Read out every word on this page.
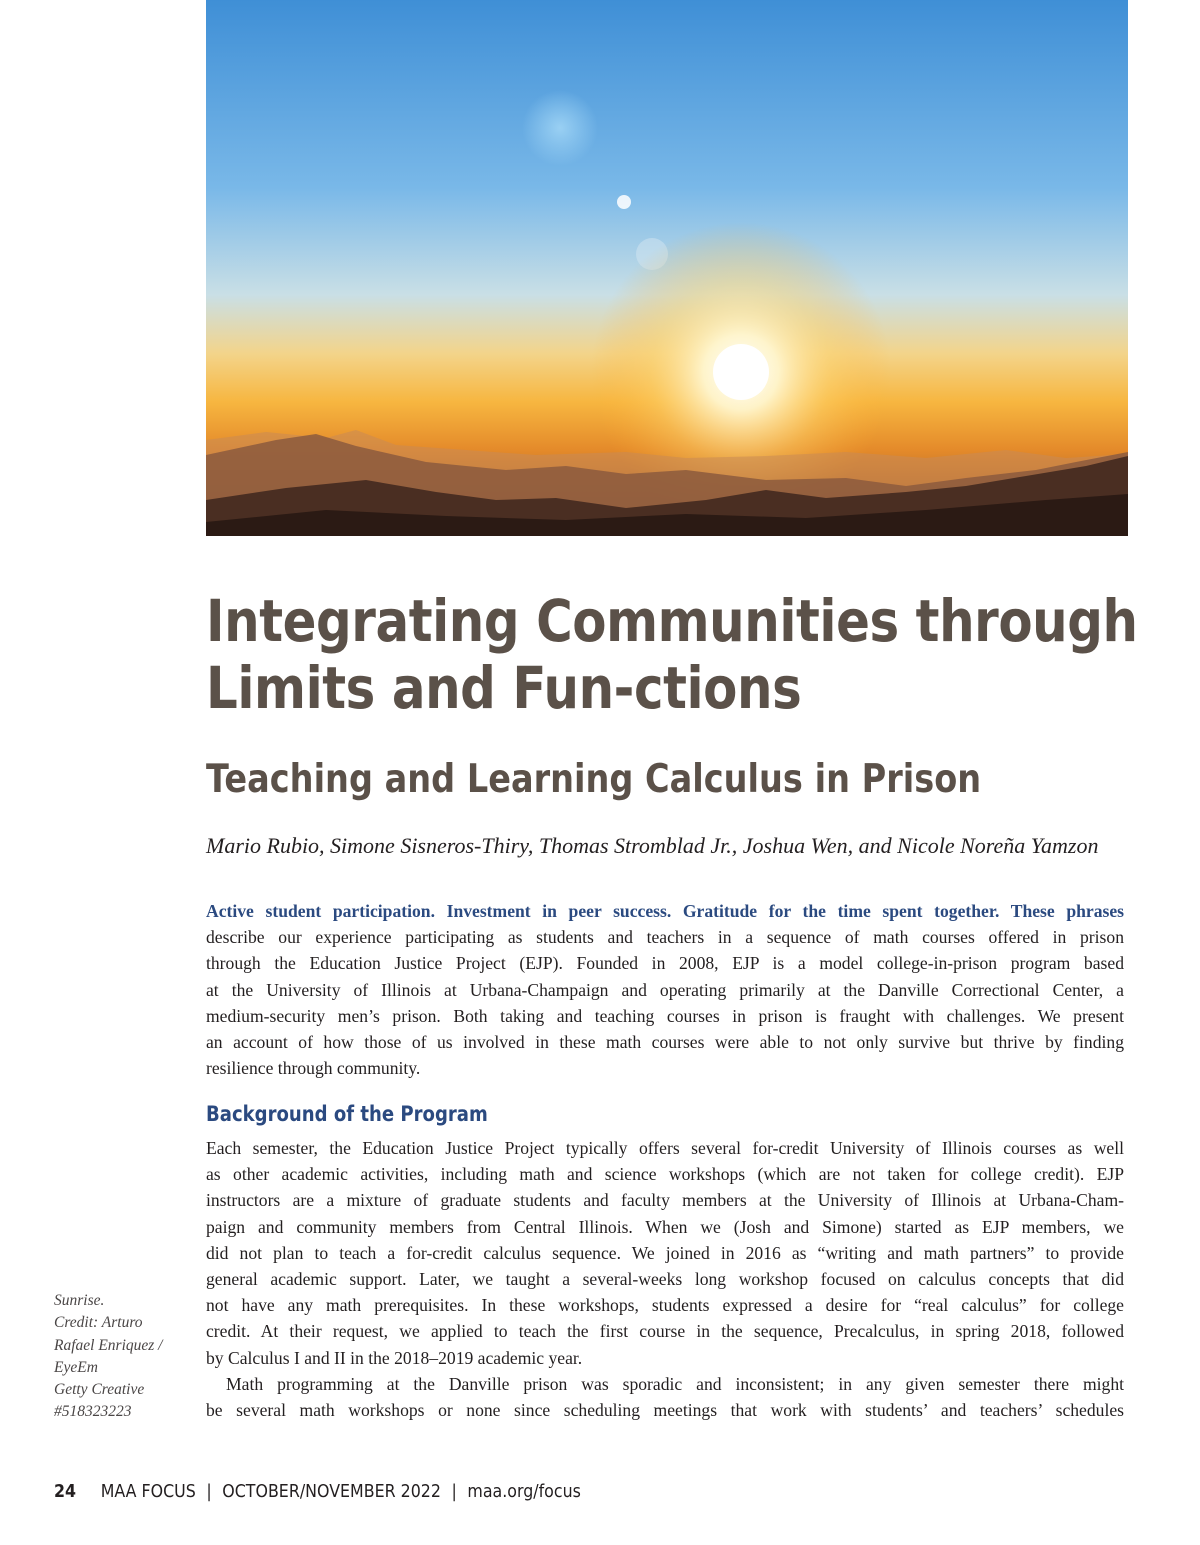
Integrating Communities through
Limits and Fun-ctions
Teaching and Learning Calculus in Prison
Mario Rubio, Simone Sisneros-Thiry, Thomas Stromblad Jr., Joshua Wen, and Nicole Noreña Yamzon
Active student participation. Investment in peer success. Gratitude for the time spent together. These phrases
describe our experience participating as students and teachers in a sequence of math courses offered in prison
through the Education Justice Project (EJP). Founded in 2008, EJP is a model college-in-prison program based
at the University of Illinois at Urbana-Champaign and operating primarily at the Danville Correctional Center, a
medium-security men’s prison. Both taking and teaching courses in prison is fraught with challenges. We present
an account of how those of us involved in these math courses were able to not only survive but thrive by finding
resilience through community.
Background of the Program
Each semester, the Education Justice Project typically offers several for-credit University of Illinois courses as well
as other academic activities, including math and science workshops (which are not taken for college credit). EJP
instructors are a mixture of graduate students and faculty members at the University of Illinois at Urbana-Cham-
paign and community members from Central Illinois. When we (Josh and Simone) started as EJP members, we
did not plan to teach a for-credit calculus sequence. We joined in 2016 as “writing and math partners” to provide
general academic support. Later, we taught a several-weeks long workshop focused on calculus concepts that did
not have any math prerequisites. In these workshops, students expressed a desire for “real calculus” for college
credit. At their request, we applied to teach the first course in the sequence, Precalculus, in spring 2018, followed
by Calculus I and II in the 2018–2019 academic year.
Math programming at the Danville prison was sporadic and inconsistent; in any given semester there might
be several math workshops or none since scheduling meetings that work with students’ and teachers’ schedules
Sunrise.
Credit: Arturo
Rafael Enriquez /
EyeEm
Getty Creative
#518323223
24 MAA FOCUS | OCTOBER/NOVEMBER 2022 | maa.org/focus
